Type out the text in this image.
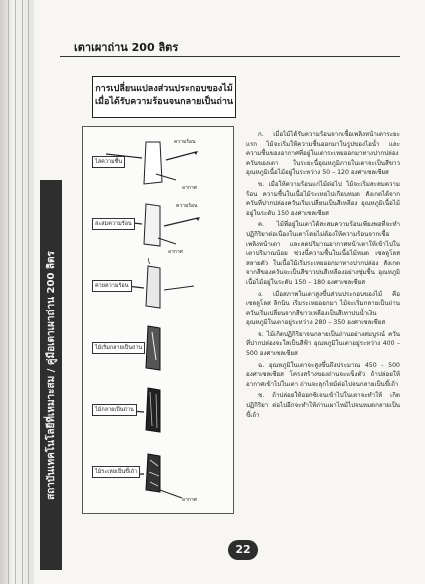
เตาเผาถ่าน 200 ลิตร
สถาบันเทคโนโลยีที่เหมาะสม / คู่มือเตาเผาถ่าน 200 ลิตร
การเปลี่ยนแปลงส่วนประกอบของไม้
เมื่อได้รับความร้อนจนกลายเป็นถ่าน
ไล่ความชื้น
ความร้อน
อากาศ
สะสมความร้อน
ความร้อน
อากาศ
คายความร้อน
ไม้เริ่มกลายเป็นถ่าน
ไม้กลายเป็นถ่าน
ไม้ระเหยเป็นขี้เถ้า
อากาศ

ก. เมื่อไม้ได้รับความร้อนจากเชื้อเพลิงหน้าเตาระยะแรก ไม้จะเริ่มให้ความชื้นออกมาในรูปของไอน้ำ และความชื้นของอากาศที่อยู่ในเตาระเหยออกมาทางปากปล่องควันของเตา ในระยะนี้อุณหภูมิภายในเตาจะเป็นสีขาว อุณหภูมิเนื้อไม้อยู่ในระหว่าง 50 – 120 องศาเซลเซียส

ข. เมื่อให้ความร้อนแก่ไม้ต่อไป ไม้จะเริ่มสะสมความร้อน ความชื้นในเนื้อไม้ระเหยไปเกือบหมด สังเกตได้จากควันที่ปากปล่องควันเริ่มเปลี่ยนเป็นสีเหลือง อุณหภูมิเนื้อไม้อยู่ในระดับ 150 องศาเซลเซียส

ค. ไม้ที่อยู่ในเตาได้สะสมความร้อนเพียงพอที่จะทำปฏิกิริยาต่อเนื่องในเตาโดยไม่ต้องให้ความร้อนจากเชื้อเพลิงหน้าเตา และลดปริมาณอากาศหน้าเตาให้เข้าไปในเตาปริมาณน้อย ช่วงนี้ความชื้นในเนื้อไม้หมด เซลลูโลสสลายตัว ในเนื้อไม้เริ่มระเหยออกมาทางปากปล่อง สังเกตจากสีของควันจะเป็นสีขาวปนสีเหลืองอย่างชุ่มชื้น อุณหภูมิเนื้อไม้อยู่ในระดับ 150 – 180 องศาเซลเซียส

ง. เมื่อสภาพในเตาสูงขึ้นส่วนประกอบของไม้ คือ เซลลูโลส ลิกนิน เริ่มระเหยออกมา ไม้จะเริ่มกลายเป็นถ่าน ควันเริ่มเปลี่ยนจากสีขาวเหลืองเป็นสีเทาปนน้ำเงิน อุณหภูมิในเตาอยู่ระหว่าง 280 – 350 องศาเซลเซียส

จ. ไม้เกิดปฏิกิริยาจนกลายเป็นถ่านอย่างสมบูรณ์ ควันที่ปากปล่องจะใสเป็นสีฟ้า อุณหภูมิในเตาอยู่ระหว่าง 400 – 500 องศาเซลเซียส

ฉ. อุณหภูมิในเตาจะสูงขึ้นถึงประมาณ 450 - 500 องศาเซลเซียส โครงสร้างของถ่านจะแข็งตัว ถ้าปล่อยให้อากาศเข้าไปในเตา ถ่านจะลุกไหม้ต่อไปจนกลายเป็นขี้เถ้า

ช. ถ้าปล่อยให้ออกซิเจนเข้าไปในเตาจะทำให้ เกิดปฏิกิริยา ต่อไปอีกจะทำให้ถ่านเผาไหม้ไปจนหมดกลายเป็นขี้เถ้า

22
